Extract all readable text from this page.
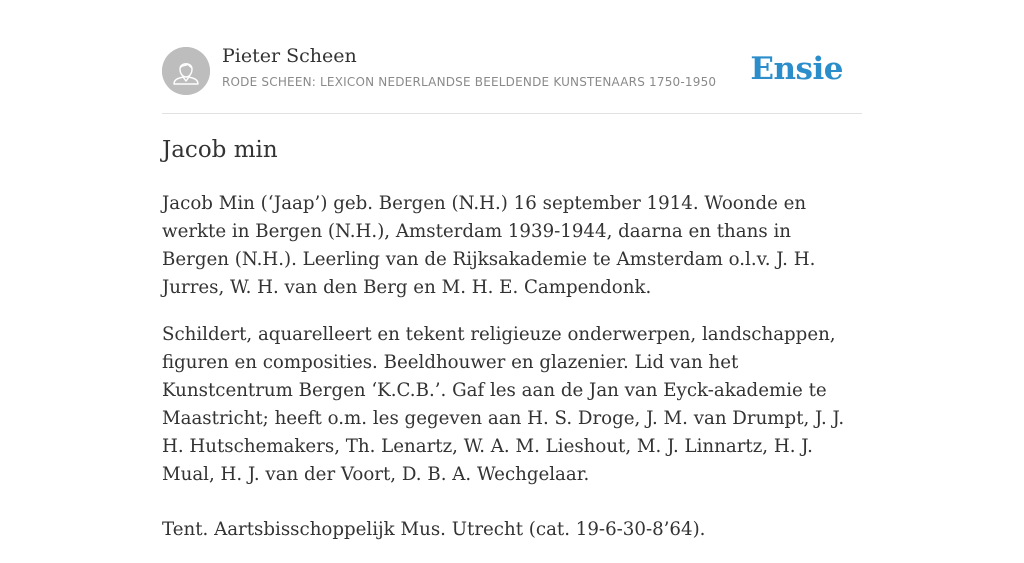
Pieter Scheen
RODE SCHEEN: LEXICON NEDERLANDSE BEELDENDE KUNSTENAARS 1750-1950 Ensie
Jacob min

Jacob Min (‘Jaap’) geb. Bergen (N.H.) 16 september 1914. Woonde en werkte in Bergen (N.H.), Amsterdam 1939-1944, daarna en thans in Bergen (N.H.). Leerling van de Rijksakademie te Amsterdam o.l.v. J. H. Jurres, W. H. van den Berg en M. H. E. Campendonk.

Schildert, aquarelleert en tekent religieuze onderwerpen, landschappen, figuren en composities. Beeldhouwer en glazenier. Lid van het Kunstcentrum Bergen ‘K.C.B.’. Gaf les aan de Jan van Eyck-akademie te Maastricht; heeft o.m. les gegeven aan H. S. Droge, J. M. van Drumpt, J. J. H. Hutschemakers, Th. Lenartz, W. A. M. Lieshout, M. J. Linnartz, H. J. Mual, H. J. van der Voort, D. B. A. Wechgelaar.

Tent. Aartsbisschoppelijk Mus. Utrecht (cat. 19-6-30-8’64).
